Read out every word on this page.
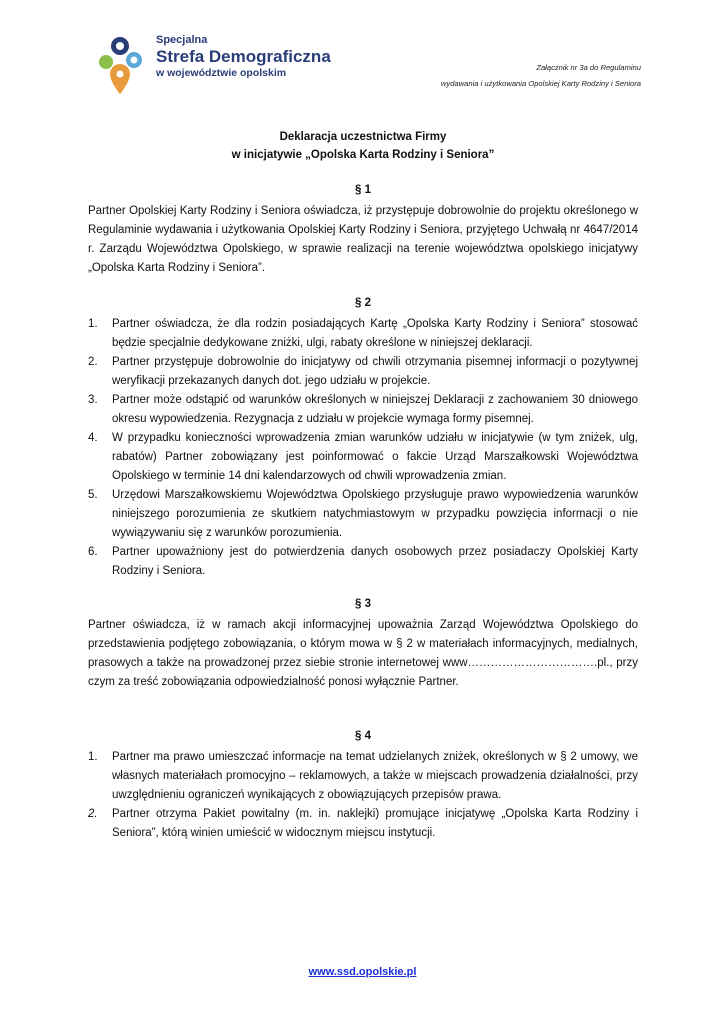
Specjalna
Strefa Demograficzna
w województwie opolskim	Załącznik nr 3a do Regulaminu
wydawania i użytkowania Opolskiej Karty Rodziny i Seniora
Deklaracja uczestnictwa Firmy
w inicjatywie „Opolska Karta Rodziny i Seniora”
§ 1
Partner Opolskiej Karty Rodziny i Seniora oświadcza, iż przystępuje dobrowolnie do projektu określonego w Regulaminie wydawania i użytkowania Opolskiej Karty Rodziny i Seniora, przyjętego Uchwałą nr 4647/2014 r. Zarządu Województwa Opolskiego, w sprawie realizacji na terenie województwa opolskiego inicjatywy „Opolska Karta Rodziny i Seniora”.
§ 2
1. Partner oświadcza, że dla rodzin posiadających Kartę „Opolska Karty Rodziny i Seniora” stosować będzie specjalnie dedykowane zniżki, ulgi, rabaty określone w niniejszej deklaracji.
2. Partner przystępuje dobrowolnie do inicjatywy od chwili otrzymania pisemnej informacji o pozytywnej weryfikacji przekazanych danych dot. jego udziału w projekcie.
3. Partner może odstąpić od warunków określonych w niniejszej Deklaracji z zachowaniem 30 dniowego okresu wypowiedzenia. Rezygnacja z udziału w projekcie wymaga formy pisemnej.
4. W przypadku konieczności wprowadzenia zmian warunków udziału w inicjatywie (w tym zniżek, ulg, rabatów) Partner zobowiązany jest poinformować o fakcie Urząd Marszałkowski Województwa Opolskiego w terminie 14 dni kalendarzowych od chwili wprowadzenia zmian.
5. Urzędowi Marszałkowskiemu Województwa Opolskiego przysługuje prawo wypowiedzenia warunków niniejszego porozumienia ze skutkiem natychmiastowym w przypadku powzięcia informacji o nie wywiązywaniu się z warunków porozumienia.
6. Partner upoważniony jest do potwierdzenia danych osobowych przez posiadaczy Opolskiej Karty Rodziny i Seniora.
§ 3
Partner oświadcza, iż w ramach akcji informacyjnej upoważnia Zarząd Województwa Opolskiego do przedstawienia podjętego zobowiązania, o którym mowa w § 2 w materiałach informacyjnych, medialnych, prasowych a także na prowadzonej przez siebie stronie internetowej www…………………………….pl., przy czym za treść zobowiązania odpowiedzialność ponosi wyłącznie Partner.
§ 4
1. Partner ma prawo umieszczać informacje na temat udzielanych zniżek, określonych w § 2 umowy, we własnych materiałach promocyjno – reklamowych, a także w miejscach prowadzenia działalności, przy uwzględnieniu ograniczeń wynikających z obowiązujących przepisów prawa.
2. Partner otrzyma Pakiet powitalny (m. in. naklejki) promujące inicjatywę „Opolska Karta Rodziny i Seniora”, którą winien umieścić w widocznym miejscu instytucji.
www.ssd.opolskie.pl
